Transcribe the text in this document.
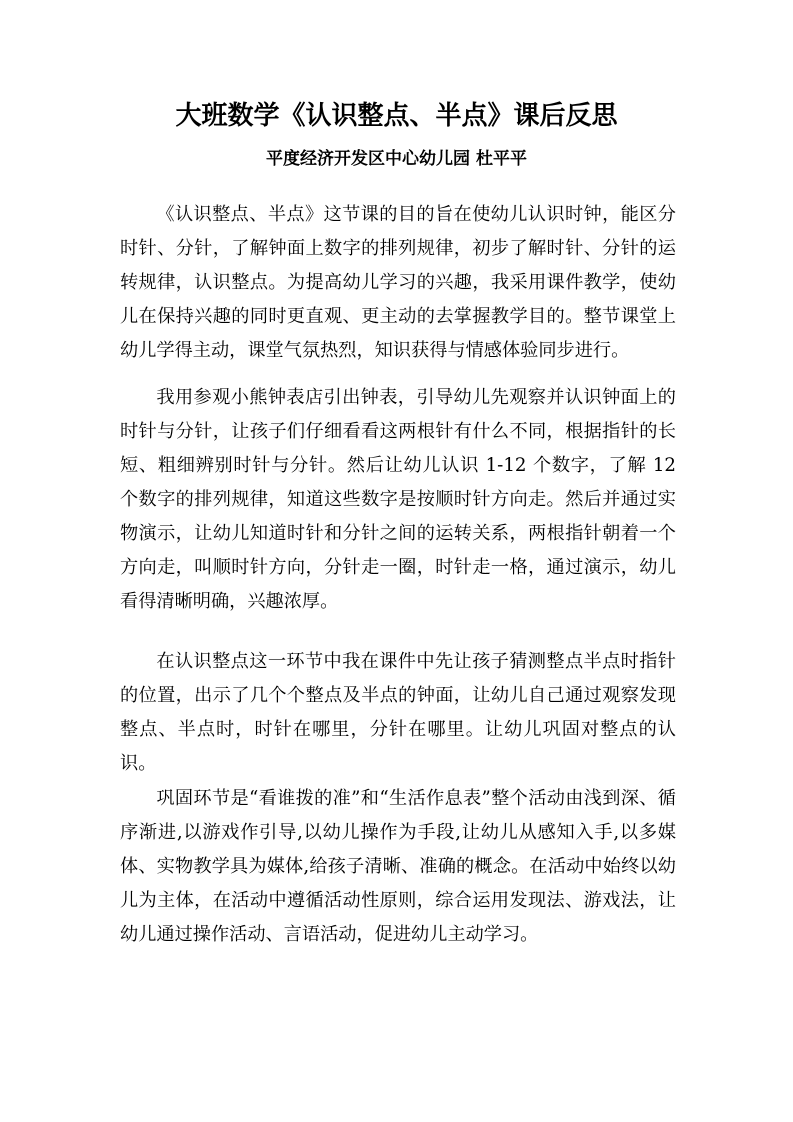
大班数学《认识整点、半点》课后反思
平度经济开发区中心幼儿园 杜平平

《认识整点、半点》这节课的目的旨在使幼儿认识时钟，能区分时针、分针，了解钟面上数字的排列规律，初步了解时针、分针的运转规律，认识整点。为提高幼儿学习的兴趣，我采用课件教学，使幼儿在保持兴趣的同时更直观、更主动的去掌握教学目的。整节课堂上幼儿学得主动，课堂气氛热烈，知识获得与情感体验同步进行。

我用参观小熊钟表店引出钟表，引导幼儿先观察并认识钟面上的时针与分针，让孩子们仔细看看这两根针有什么不同，根据指针的长短、粗细辨别时针与分针。然后让幼儿认识 1-12 个数字，了解 12 个数字的排列规律，知道这些数字是按顺时针方向走。然后并通过实物演示，让幼儿知道时针和分针之间的运转关系，两根指针朝着一个方向走，叫顺时针方向，分针走一圈，时针走一格，通过演示，幼儿看得清晰明确，兴趣浓厚。

在认识整点这一环节中我在课件中先让孩子猜测整点半点时指针的位置，出示了几个个整点及半点的钟面，让幼儿自己通过观察发现整点、半点时，时针在哪里，分针在哪里。让幼儿巩固对整点的认识。

巩固环节是“看谁拨的准”和“生活作息表”整个活动由浅到深、循序渐进,以游戏作引导,以幼儿操作为手段,让幼儿从感知入手,以多媒体、实物教学具为媒体,给孩子清晰、准确的概念。在活动中始终以幼儿为主体，在活动中遵循活动性原则，综合运用发现法、游戏法，让幼儿通过操作活动、言语活动，促进幼儿主动学习。
